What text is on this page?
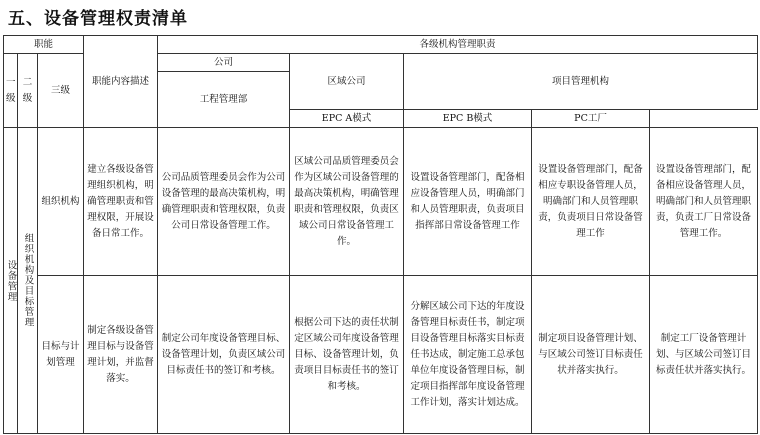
五、设备管理权责清单
职能			职能内容描述	各级机构管理职责				
一级	二级	三级		公司	区域公司	项目管理机构		
				工程管理部				
					EPC A模式	EPC B模式	PC工厂	
设备管理	组织机构及目标管理	组织机构	建立各级设备管理组织机构，明确管理职责和管理权限，开展设备日常工作。	公司品质管理委员会作为公司设备管理的最高决策机构，明确管理职责和管理权限，负责公司日常设备管理工作。	区域公司品质管理委员会作为区域公司设备管理的最高决策机构，明确管理职责和管理权限，负责区域公司日常设备管理工作。	设置设备管理部门，配备相应设备管理人员，明确部门和人员管理职责，负责项目指挥部日常设备管理工作	设置设备管理部门，配备相应专职设备管理人员，明确部门和人员管理职责，负责项目日常设备管理工作	设置设备管理部门，配备相应设备管理人员，明确部门和人员管理职责，负责工厂日常设备管理工作。
		目标与计划管理	制定各级设备管理目标与设备管理计划，并监督落实。	制定公司年度设备管理目标、设备管理计划，负责区域公司目标责任书的签订和考核。	根据公司下达的责任状制定区域公司年度设备管理目标、设备管理计划，负责项目目标责任书的签订和考核。	分解区域公司下达的年度设备管理目标责任书，制定项目设备管理目标落实目标责任书达成，制定施工总承包单位年度设备管理目标，制定项目指挥部年度设备管理工作计划，落实计划达成。	制定项目设备管理计划、与区域公司签订目标责任状并落实执行。	制定工厂设备管理计划、与区域公司签订目标责任状并落实执行。
